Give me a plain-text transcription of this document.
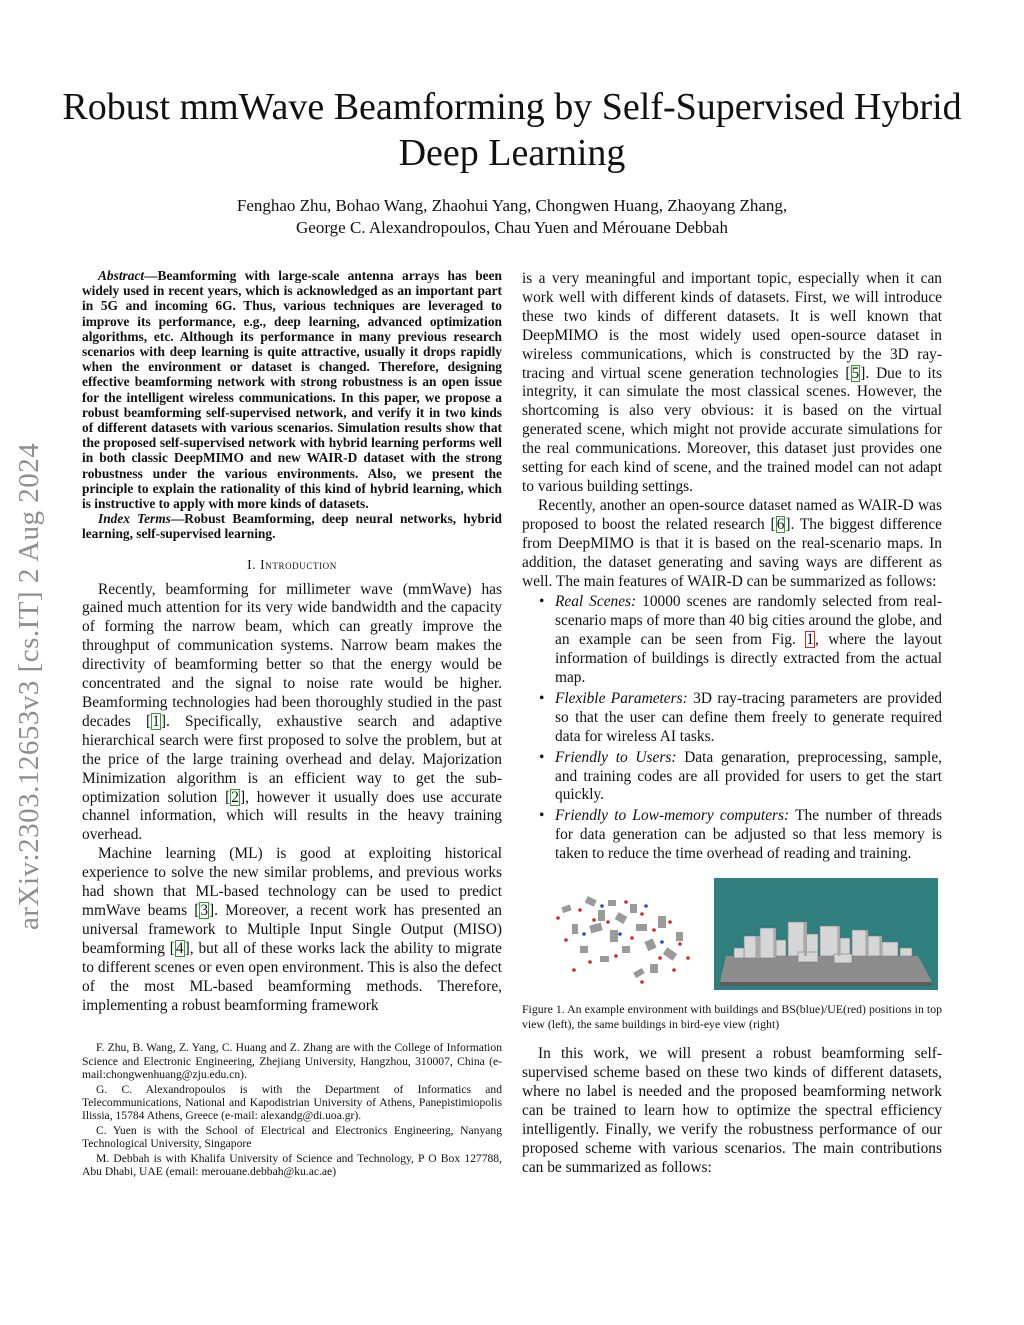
arXiv:2303.12653v3 [cs.IT] 2 Aug 2024
Robust mmWave Beamforming by Self-Supervised Hybrid Deep Learning
Fenghao Zhu, Bohao Wang, Zhaohui Yang, Chongwen Huang, Zhaoyang Zhang,
George C. Alexandropoulos, Chau Yuen and Mérouane Debbah

Abstract—Beamforming with large-scale antenna arrays has been widely used in recent years, which is acknowledged as an important part in 5G and incoming 6G. Thus, various techniques are leveraged to improve its performance, e.g., deep learning, advanced optimization algorithms, etc. Although its performance in many previous research scenarios with deep learning is quite attractive, usually it drops rapidly when the environment or dataset is changed. Therefore, designing effective beamforming network with strong robustness is an open issue for the intelligent wireless communications. In this paper, we propose a robust beamforming self-supervised network, and verify it in two kinds of different datasets with various scenarios. Simulation results show that the proposed self-supervised network with hybrid learning performs well in both classic DeepMIMO and new WAIR-D dataset with the strong robustness under the various environments. Also, we present the principle to explain the rationality of this kind of hybrid learning, which is instructive to apply with more kinds of datasets.

Index Terms—Robust Beamforming, deep neural networks, hybrid learning, self-supervised learning.

I. Introduction

Recently, beamforming for millimeter wave (mmWave) has gained much attention for its very wide bandwidth and the capacity of forming the narrow beam, which can greatly improve the throughput of communication systems. Narrow beam makes the directivity of beamforming better so that the energy would be concentrated and the signal to noise rate would be higher. Beamforming technologies had been thoroughly studied in the past decades [1]. Specifically, exhaustive search and adaptive hierarchical search were first proposed to solve the problem, but at the price of the large training overhead and delay. Majorization Minimization algorithm is an efficient way to get the sub-optimization solution [2], however it usually does use accurate channel information, which will results in the heavy training overhead.

Machine learning (ML) is good at exploiting historical experience to solve the new similar problems, and previous works had shown that ML-based technology can be used to predict mmWave beams [3]. Moreover, a recent work has presented an universal framework to Multiple Input Single Output (MISO) beamforming [4], but all of these works lack the ability to migrate to different scenes or even open environment. This is also the defect of the most ML-based beamforming methods. Therefore, implementing a robust beamforming framework

F. Zhu, B. Wang, Z. Yang, C. Huang and Z. Zhang are with the College of Information Science and Electronic Engineering, Zhejiang University, Hangzhou, 310007, China (e-mail:chongwenhuang@zju.edu.cn).

G. C. Alexandropoulos is with the Department of Informatics and Telecommunications, National and Kapodistrian University of Athens, Panepistimiopolis Ilissia, 15784 Athens, Greece (e-mail: alexandg@di.uoa.gr).

C. Yuen is with the School of Electrical and Electronics Engineering, Nanyang Technological University, Singapore

M. Debbah is with Khalifa University of Science and Technology, P O Box 127788, Abu Dhabi, UAE (email: merouane.debbah@ku.ac.ae)

is a very meaningful and important topic, especially when it can work well with different kinds of datasets. First, we will introduce these two kinds of different datasets. It is well known that DeepMIMO is the most widely used open-source dataset in wireless communications, which is constructed by the 3D ray-tracing and virtual scene generation technologies [5]. Due to its integrity, it can simulate the most classical scenes. However, the shortcoming is also very obvious: it is based on the virtual generated scene, which might not provide accurate simulations for the real communications. Moreover, this dataset just provides one setting for each kind of scene, and the trained model can not adapt to various building settings.

Recently, another an open-source dataset named as WAIR-D was proposed to boost the related research [6]. The biggest difference from DeepMIMO is that it is based on the real-scenario maps. In addition, the dataset generating and saving ways are different as well. The main features of WAIR-D can be summarized as follows:

• Real Scenes: 10000 scenes are randomly selected from real-scenario maps of more than 40 big cities around the globe, and an example can be seen from Fig. 1, where the layout information of buildings is directly extracted from the actual map.
• Flexible Parameters: 3D ray-tracing parameters are provided so that the user can define them freely to generate required data for wireless AI tasks.
• Friendly to Users: Data genaration, preprocessing, sample, and training codes are all provided for users to get the start quickly.
• Friendly to Low-memory computers: The number of threads for data generation can be adjusted so that less memory is taken to reduce the time overhead of reading and training.

Figure 1. An example environment with buildings and BS(blue)/UE(red) positions in top view (left), the same buildings in bird-eye view (right)

In this work, we will present a robust beamforming self-supervised scheme based on these two kinds of different datasets, where no label is needed and the proposed beamforming network can be trained to learn how to optimize the spectral efficiency intelligently. Finally, we verify the robustness performance of our proposed scheme with various scenarios. The main contributions can be summarized as follows:
